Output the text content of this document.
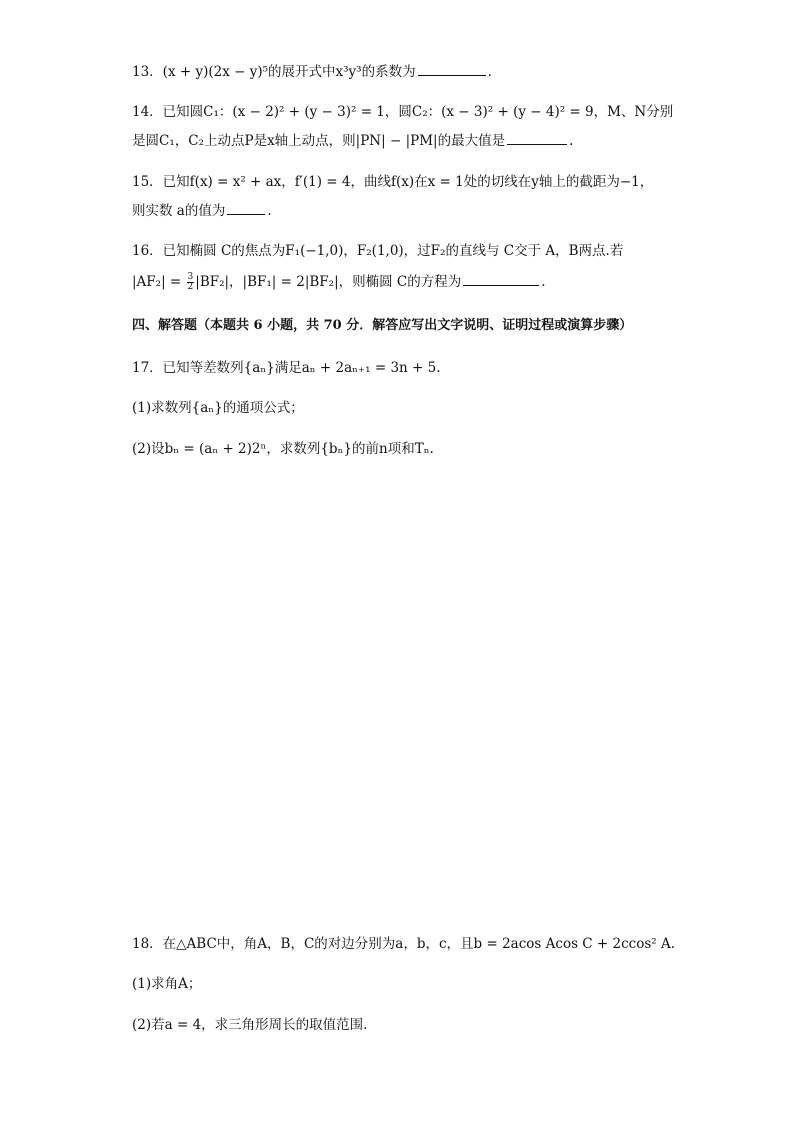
13．(x + y)(2x − y)⁵的展开式中x³y³的系数为	.
14．已知圆C₁：(x − 2)² + (y − 3)² = 1，圆C₂：(x − 3)² + (y − 4)² = 9，M、N分别
是圆C₁，C₂上动点P是x轴上动点，则|PN| − |PM|的最大值是	.
15．已知f(x) = x² + ax，f′(1) = 4，曲线f(x)在x = 1处的切线在y轴上的截距为−1，
则实数 a的值为	.
16．已知椭圆 C的焦点为F₁(−1,0)，F₂(1,0)，过F₂的直线与 C交于 A，B两点.若
$|AF_2| = \frac{3}{2} |BF_2|$，|BF₁| = 2|BF₂|，则椭圆 C的方程为	.
四、解答题（本题共 6 小题，共 70 分．解答应写出文字说明、证明过程或演算步骤）
17．已知等差数列{aₙ}满足aₙ + 2aₙ₊₁ = 3n + 5.
(1)求数列{aₙ}的通项公式；
(2)设bₙ = (aₙ + 2)2ⁿ，求数列{bₙ}的前n项和Tₙ.
18．在△ABC中，角A，B，C的对边分别为a，b，c，且b = 2acos Acos C + 2ccos² A.
(1)求角A；
(2)若a = 4，求三角形周长的取值范围.
